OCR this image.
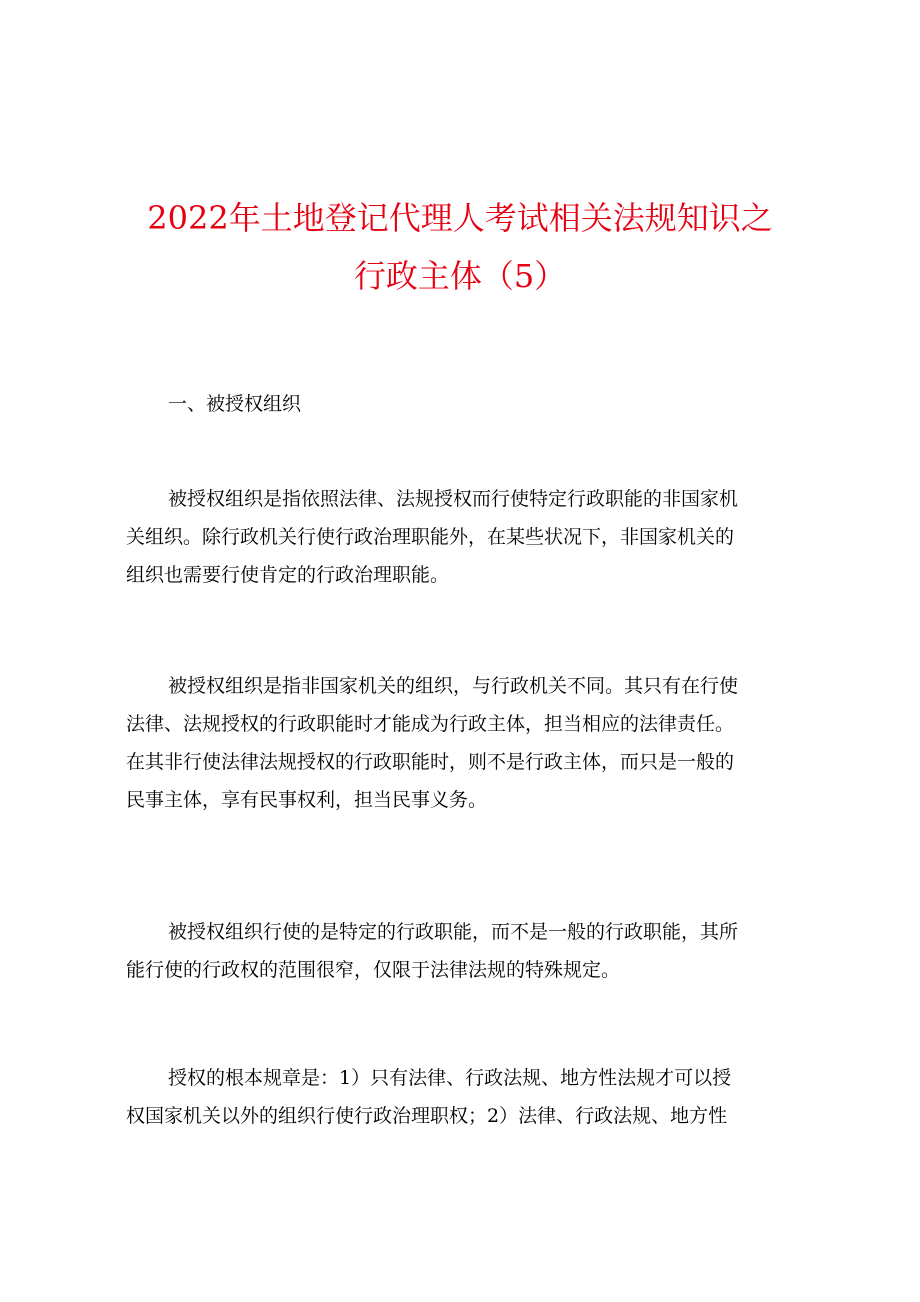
2022年土地登记代理人考试相关法规知识之
行政主体（5）
一、被授权组织
被授权组织是指依照法律、法规授权而行使特定行政职能的非国家机
关组织。除行政机关行使行政治理职能外，在某些状况下，非国家机关的
组织也需要行使肯定的行政治理职能。
被授权组织是指非国家机关的组织，与行政机关不同。其只有在行使
法律、法规授权的行政职能时才能成为行政主体，担当相应的法律责任。
在其非行使法律法规授权的行政职能时，则不是行政主体，而只是一般的
民事主体，享有民事权利，担当民事义务。
被授权组织行使的是特定的行政职能，而不是一般的行政职能，其所
能行使的行政权的范围很窄，仅限于法律法规的特殊规定。
授权的根本规章是：1）只有法律、行政法规、地方性法规才可以授
权国家机关以外的组织行使行政治理职权；2）法律、行政法规、地方性
